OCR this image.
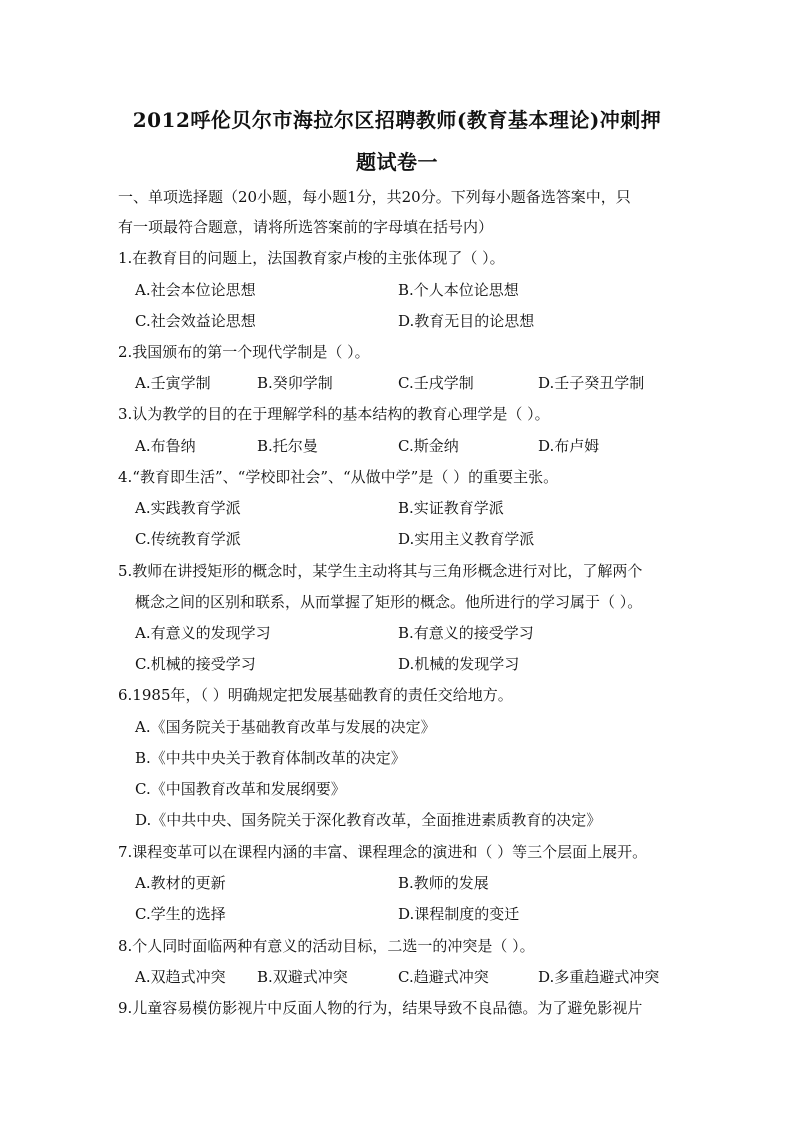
2012呼伦贝尔市海拉尔区招聘教师(教育基本理论)冲刺押
题试卷一
一、单项选择题（20小题，每小题1分，共20分。下列每小题备选答案中，只
有一项最符合题意，请将所选答案前的字母填在括号内）
1.在教育目的问题上，法国教育家卢梭的主张体现了（ ）。
A.社会本位论思想	B.个人本位论思想
C.社会效益论思想	D.教育无目的论思想
2.我国颁布的第一个现代学制是（ ）。
A.壬寅学制	B.癸卯学制	C.壬戌学制	D.壬子癸丑学制
3.认为教学的目的在于理解学科的基本结构的教育心理学是（ ）。
A.布鲁纳	B.托尔曼	C.斯金纳	D.布卢姆
4.“教育即生活”、“学校即社会”、“从做中学”是（ ）的重要主张。
A.实践教育学派	B.实证教育学派
C.传统教育学派	D.实用主义教育学派
5.教师在讲授矩形的概念时，某学生主动将其与三角形概念进行对比，了解两个
概念之间的区别和联系，从而掌握了矩形的概念。他所进行的学习属于（ ）。
A.有意义的发现学习	B.有意义的接受学习
C.机械的接受学习	D.机械的发现学习
6.1985年，（ ）明确规定把发展基础教育的责任交给地方。
A.《国务院关于基础教育改革与发展的决定》
B.《中共中央关于教育体制改革的决定》
C.《中国教育改革和发展纲要》
D.《中共中央、国务院关于深化教育改革，全面推进素质教育的决定》
7.课程变革可以在课程内涵的丰富、课程理念的演进和（ ）等三个层面上展开。
A.教材的更新	B.教师的发展
C.学生的选择	D.课程制度的变迁
8.个人同时面临两种有意义的活动目标，二选一的冲突是（ ）。
A.双趋式冲突 B.双避式冲突	C.趋避式冲突	D.多重趋避式冲突
9.儿童容易模仿影视片中反面人物的行为，结果导致不良品德。为了避免影视片
